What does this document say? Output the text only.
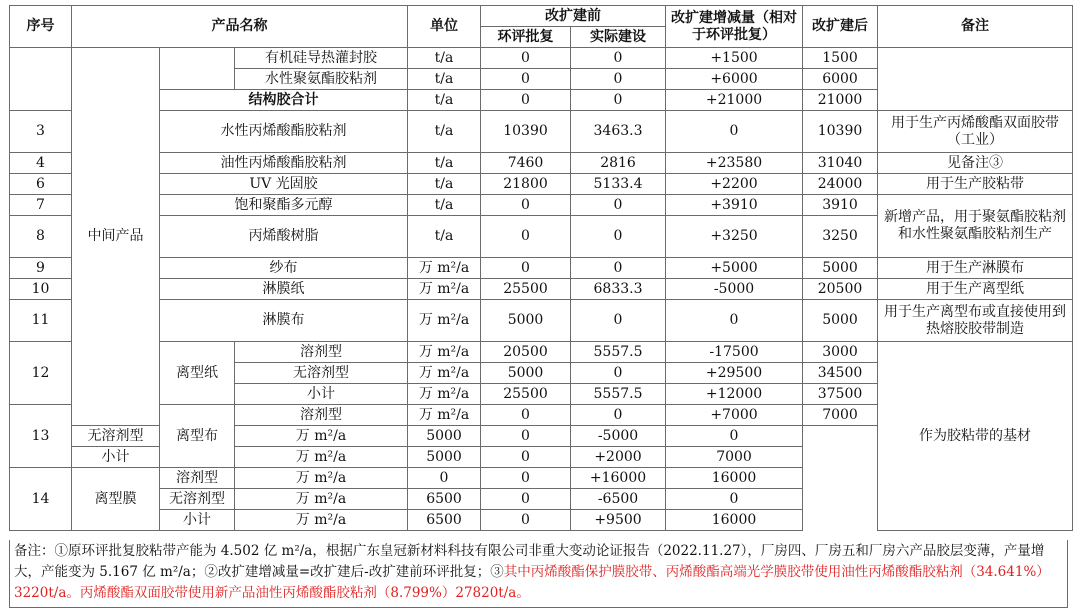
序号	产品名称			单位	改扩建前		改扩建增减量（相对于环评批复）	改扩建后	备注
					环评批复	实际建设			
	中间产品		有机硅导热灌封胶	t/a	0	0	+1500	1500	
			水性聚氨酯胶粘剂	t/a	0	0	+6000	6000	
		结构胶合计		t/a	0	0	+21000	21000	
3		水性丙烯酸酯胶粘剂		t/a	10390	3463.3	0	10390	用于生产丙烯酸酯双面胶带（工业）
4		油性丙烯酸酯胶粘剂		t/a	7460	2816	+23580	31040	见备注③
6		UV 光固胶		t/a	21800	5133.4	+2200	24000	用于生产胶粘带
7		饱和聚酯多元醇		t/a	0	0	+3910	3910	新增产品，用于聚氨酯胶粘剂和水性聚氨酯胶粘剂生产
8		丙烯酸树脂		t/a	0	0	+3250	3250	
9		纱布		万 m²/a	0	0	+5000	5000	用于生产淋膜布
10		淋膜纸		万 m²/a	25500	6833.3	-5000	20500	用于生产离型纸
11		淋膜布		万 m²/a	5000	0	0	5000	用于生产离型布或直接使用到热熔胶胶带制造
12		离型纸	溶剂型	万 m²/a	20500	5557.5	-17500	3000	作为胶粘带的基材
			无溶剂型	万 m²/a	5000	0	+29500	34500	
			小计	万 m²/a	25500	5557.5	+12000	37500	
13		离型布	溶剂型	万 m²/a	0	0	+7000	7000	
	无溶剂型		万 m²/a	5000	0	-5000	0		
	小计		万 m²/a	5000	0	+2000	7000		
14	离型膜	溶剂型	万 m²/a	0	0	+16000	16000		
		无溶剂型	万 m²/a	6500	0	-6500	0		
		小计	万 m²/a	6500	0	+9500	16000		
备注：①原环评批复胶粘带产能为 4.502 亿 m²/a，根据广东皇冠新材料科技有限公司非重大变动论证报告（2022.11.27），厂房四、厂房五和厂房六产品胶层变薄，产量增大，产能变为 5.167 亿 m²/a；②改扩建增减量=改扩建后-改扩建前环评批复；③其中丙烯酸酯保护膜胶带、丙烯酸酯高端光学膜胶带使用油性丙烯酸酯胶粘剂（34.641%）3220t/a。丙烯酸酯双面胶带使用新产品油性丙烯酸酯胶粘剂（8.799%）27820t/a。
